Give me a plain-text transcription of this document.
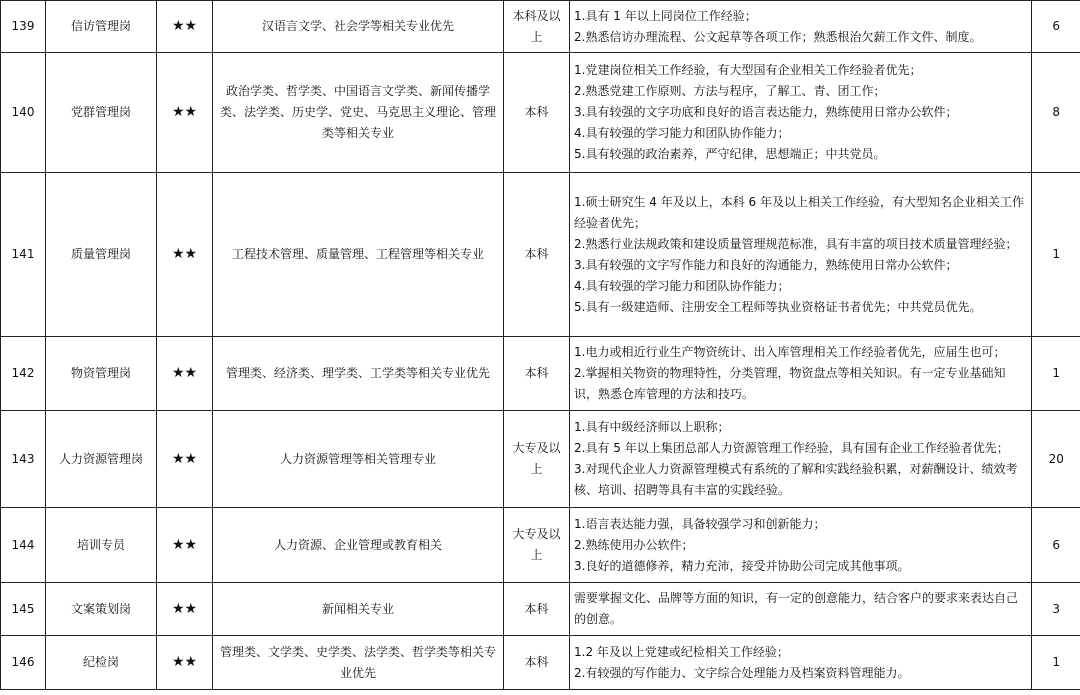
139	信访管理岗	★★	汉语言文学、社会学等相关专业优先	本科及以上	1.具有 1 年以上同岗位工作经验；
2.熟悉信访办理流程、公文起草等各项工作；熟悉根治欠薪工作文件、制度。	6
140	党群管理岗	★★	政治学类、哲学类、中国语言文学类、新闻传播学类、法学类、历史学、党史、马克思主义理论、管理类等相关专业	本科	1.党建岗位相关工作经验，有大型国有企业相关工作经验者优先；
2.熟悉党建工作原则、方法与程序，了解工、青、团工作；
3.具有较强的文字功底和良好的语言表达能力，熟练使用日常办公软件；
4.具有较强的学习能力和团队协作能力；
5.具有较强的政治素养，严守纪律，思想端正；中共党员。	8
141	质量管理岗	★★	工程技术管理、质量管理、工程管理等相关专业	本科	1.硕士研究生 4 年及以上，本科 6 年及以上相关工作经验，有大型知名企业相关工作经验者优先；
2.熟悉行业法规政策和建设质量管理规范标准，具有丰富的项目技术质量管理经验；
3.具有较强的文字写作能力和良好的沟通能力，熟练使用日常办公软件；
4.具有较强的学习能力和团队协作能力；
5.具有一级建造师、注册安全工程师等执业资格证书者优先；中共党员优先。	1
142	物资管理岗	★★	管理类、经济类、理学类、工学类等相关专业优先	本科	1.电力或相近行业生产物资统计、出入库管理相关工作经验者优先，应届生也可；
2.掌握相关物资的物理特性，分类管理，物资盘点等相关知识。有一定专业基础知识，熟悉仓库管理的方法和技巧。	1
143	人力资源管理岗	★★	人力资源管理等相关管理专业	大专及以上	1.具有中级经济师以上职称；
2.具有 5 年以上集团总部人力资源管理工作经验，具有国有企业工作经验者优先；
3.对现代企业人力资源管理模式有系统的了解和实践经验积累，对薪酬设计、绩效考核、培训、招聘等具有丰富的实践经验。	20
144	培训专员	★★	人力资源、企业管理或教育相关	大专及以上	1.语言表达能力强，具备较强学习和创新能力；
2.熟练使用办公软件；
3.良好的道德修养，精力充沛，接受并协助公司完成其他事项。	6
145	文案策划岗	★★	新闻相关专业	本科	需要掌握文化、品牌等方面的知识，有一定的创意能力，结合客户的要求来表达自己的创意。	3
146	纪检岗	★★	管理类、文学类、史学类、法学类、哲学类等相关专业优先	本科	1.2 年及以上党建或纪检相关工作经验；
2.有较强的写作能力、文字综合处理能力及档案资料管理能力。	1
